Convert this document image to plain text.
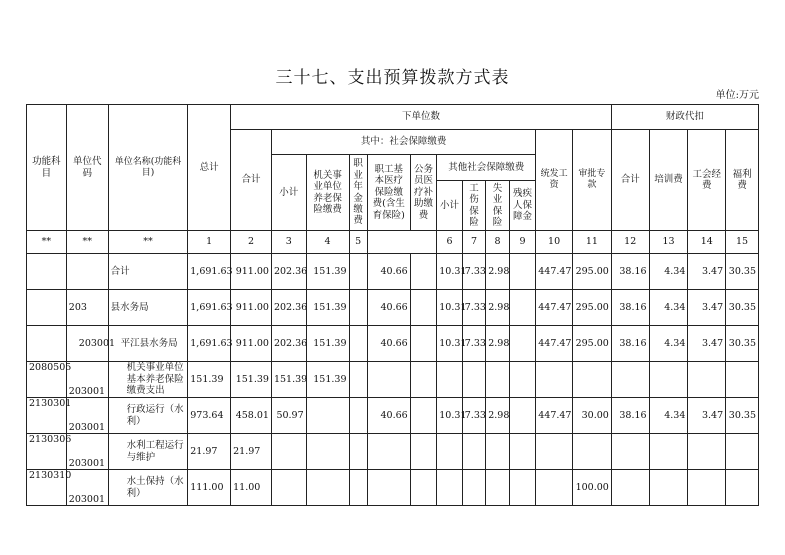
三十七、支出预算拨款方式表
单位:万元
功能科目	单位代码	单位名称(功能科目)	总计	下单位数												财政代扣			
				合计	其中：社会保障缴费									统发工资	审批专款	合计	培训费	工会经费	福利费
					小计	机关事业单位养老保险缴费	职业年金缴费	职工基本医疗保险缴费(含生育保险)	公务员医疗补助缴费	其他社会保障缴费									
										小计	工伤保险	失业保险	残疾人保障金						
**	**	**	1	2	3	4	5			6	7	8	9	10	11	12	13	14	15
		合计	1,691.63	911.00	202.36	151.39		40.66		10.31	7.33	2.98		447.47	295.00	38.16	4.34	3.47	30.35
	203	县水务局	1,691.63	911.00	202.36	151.39		40.66		10.31	7.33	2.98		447.47	295.00	38.16	4.34	3.47	30.35
	203001	平江县水务局	1,691.63	911.00	202.36	151.39		40.66		10.31	7.33	2.98		447.47	295.00	38.16	4.34	3.47	30.35
2080505	203001	机关事业单位基本养老保险缴费支出	151.39	151.39	151.39	151.39													
2130301	203001	行政运行（水利）	973.64	458.01	50.97			40.66		10.31	7.33	2.98		447.47	30.00	38.16	4.34	3.47	30.35
2130306	203001	水利工程运行与维护	21.97	21.97															
2130310	203001	水土保持（水利）	111.00	11.00											100.00				
